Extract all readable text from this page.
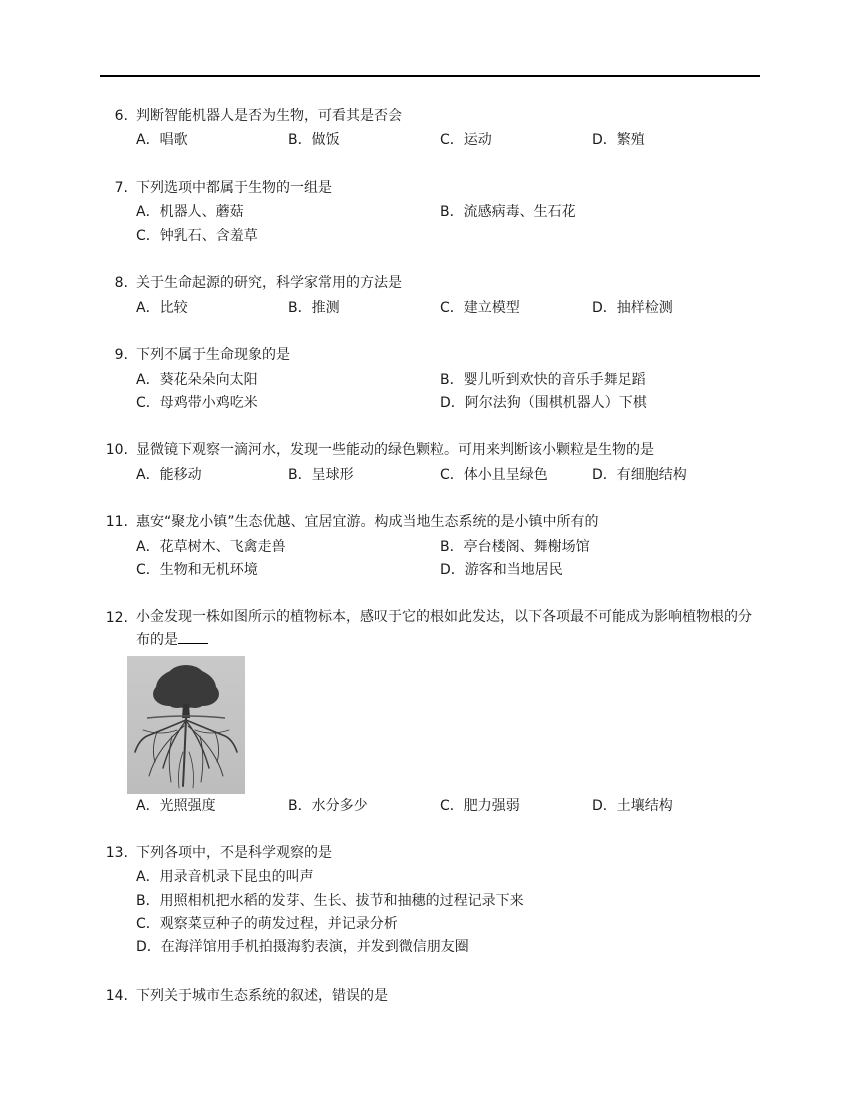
6. 判断智能机器人是否为生物，可看其是否会
A．唱歌	B．做饭	C．运动	D．繁殖
7. 下列选项中都属于生物的一组是
A．机器人、蘑菇	B．流感病毒、生石花
C．钟乳石、含羞草
8. 关于生命起源的研究，科学家常用的方法是
A．比较	B．推测	C．建立模型	D．抽样检测
9. 下列不属于生命现象的是
A．葵花朵朵向太阳	B．婴儿听到欢快的音乐手舞足蹈
C．母鸡带小鸡吃米	D．阿尔法狗（围棋机器人）下棋
10. 显微镜下观察一滴河水，发现一些能动的绿色颗粒。可用来判断该小颗粒是生物的是
A．能移动	B．呈球形	C．体小且呈绿色	D．有细胞结构
11. 惠安“聚龙小镇”生态优越、宜居宜游。构成当地生态系统的是小镇中所有的
A．花草树木、飞禽走兽	B．亭台楼阁、舞榭场馆
C．生物和无机环境	D．游客和当地居民
12. 小金发现一株如图所示的植物标本，感叹于它的根如此发达，以下各项最不可能成为影响植物根的分布的是
A．光照强度	B．水分多少	C．肥力强弱	D．土壤结构
13. 下列各项中，不是科学观察的是
A．用录音机录下昆虫的叫声
B．用照相机把水稻的发芽、生长、拔节和抽穗的过程记录下来
C．观察菜豆种子的萌发过程，并记录分析
D．在海洋馆用手机拍摄海豹表演，并发到微信朋友圈
14. 下列关于城市生态系统的叙述，错误的是
